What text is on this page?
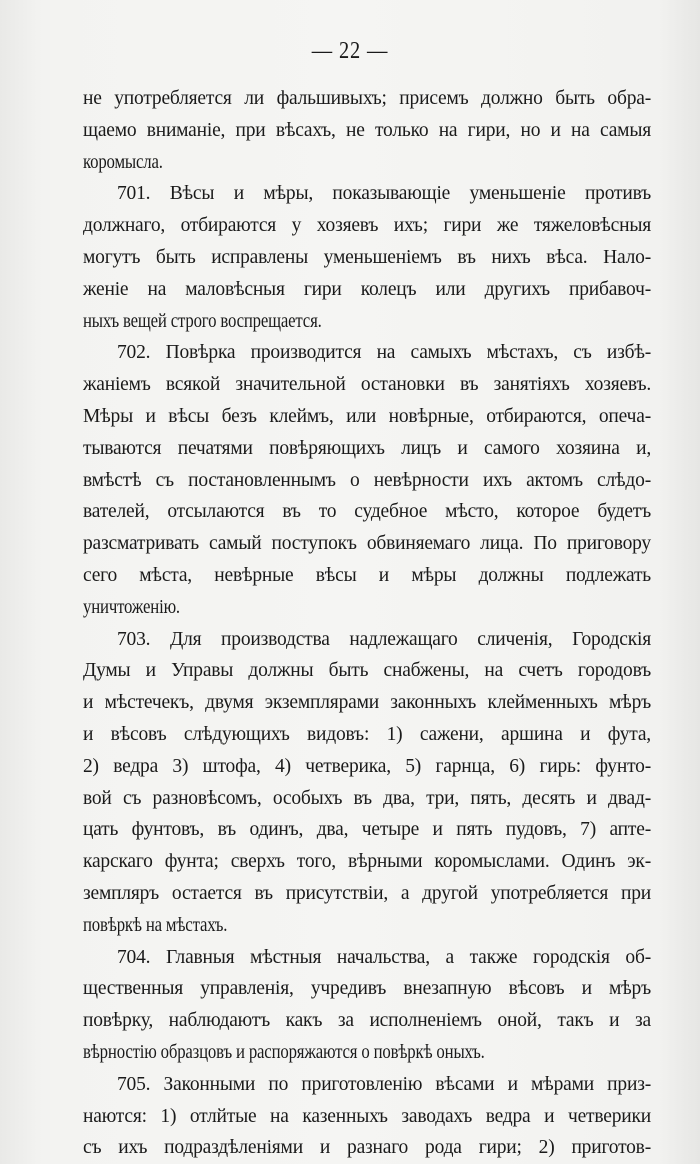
— 22 —
не употребляется ли фальшивыхъ; присемъ должно быть обра-
щаемо вниманіе, при вѣсахъ, не только на гири, но и на самыя
коромысла.
701. Вѣсы и мѣры, показывающіе уменьшеніе противъ
должнаго, отбираются у хозяевъ ихъ; гири же тяжеловѣсныя
могутъ быть исправлены уменьшеніемъ въ нихъ вѣса. Нало-
женіе на маловѣсныя гири колецъ или другихъ прибавоч-
ныхъ вещей строго воспрещается.
702. Повѣрка производится на самыхъ мѣстахъ, съ избѣ-
жаніемъ всякой значительной остановки въ занятіяхъ хозяевъ.
Мѣры и вѣсы безъ клеймъ, или новѣрные, отбираются, опеча-
тываются печатями повѣряющихъ лицъ и самого хозяина и,
вмѣстѣ съ постановленнымъ о невѣрности ихъ актомъ слѣдо-
вателей, отсылаются въ то судебное мѣсто, которое будетъ
разсматривать самый поступокъ обвиняемаго лица. По приговору
сего мѣста, невѣрные вѣсы и мѣры должны подлежать
уничтоженію.
703. Для производства надлежащаго сличенія, Городскія
Думы и Управы должны быть снабжены, на счетъ городовъ
и мѣстечекъ, двумя экземплярами законныхъ клейменныхъ мѣръ
и вѣсовъ слѣдующихъ видовъ: 1) сажени, аршина и фута,
2) ведра 3) штофа, 4) четверика, 5) гарнца, 6) гирь: фунто-
вой съ разновѣсомъ, особыхъ въ два, три, пять, десять и двад-
цать фунтовъ, въ одинъ, два, четыре и пять пудовъ, 7) апте-
карскаго фунта; сверхъ того, вѣрными коромыслами. Одинъ эк-
земпляръ остается въ присутствіи, а другой употребляется при
повѣркѣ на мѣстахъ.
704. Главныя мѣстныя начальства, а также городскія об-
щественныя управленія, учредивъ внезапную вѣсовъ и мѣръ
повѣрку, наблюдаютъ какъ за исполненіемъ оной, такъ и за
вѣрностію образцовъ и распоряжаются о повѣркѣ оныхъ.
705. Законными по приготовленію вѣсами и мѣрами приз-
наются: 1) отлйтые на казенныхъ заводахъ ведра и четверики
съ ихъ подраздѣленіями и разнаго рода гири; 2) приготов-
